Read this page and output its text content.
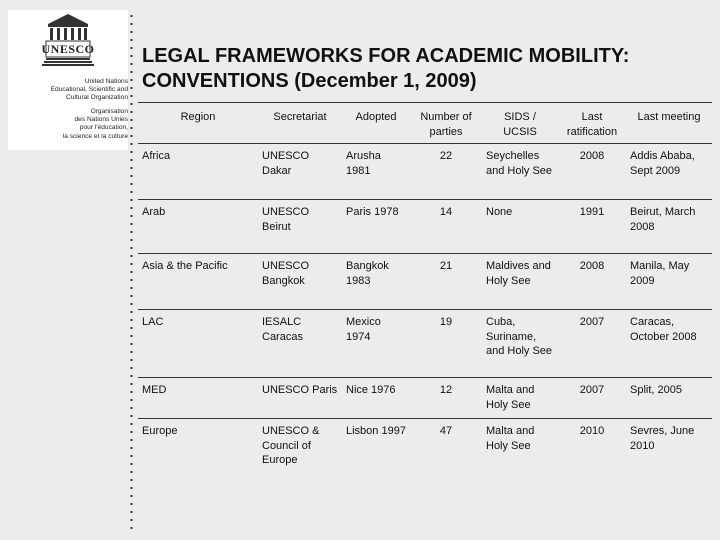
UNESCO
United Nations
Educational, Scientific and
Cultural Organization
Organisation
des Nations Unies
pour l'éducation,
la science et la culture
LEGAL FRAMEWORKS FOR ACADEMIC MOBILITY:
CONVENTIONS (December 1, 2009)
Region	Secretariat	Adopted	Number of parties	SIDS / UCSIS	Last ratification	Last meeting
Africa	UNESCO Dakar	Arusha 1981	22	Seychelles and Holy See	2008	Addis Ababa, Sept 2009
Arab	UNESCO Beirut	Paris 1978	14	None	1991	Beirut, March 2008
Asia & the Pacific	UNESCO Bangkok	Bangkok 1983	21	Maldives and Holy See	2008	Manila, May 2009
LAC	IESALC Caracas	Mexico 1974	19	Cuba, Suriname, and Holy See	2007	Caracas, October 2008
MED	UNESCO Paris	Nice 1976	12	Malta and Holy See	2007	Split, 2005
Europe	UNESCO & Council of Europe	Lisbon 1997	47	Malta and Holy See	2010	Sevres, June 2010
